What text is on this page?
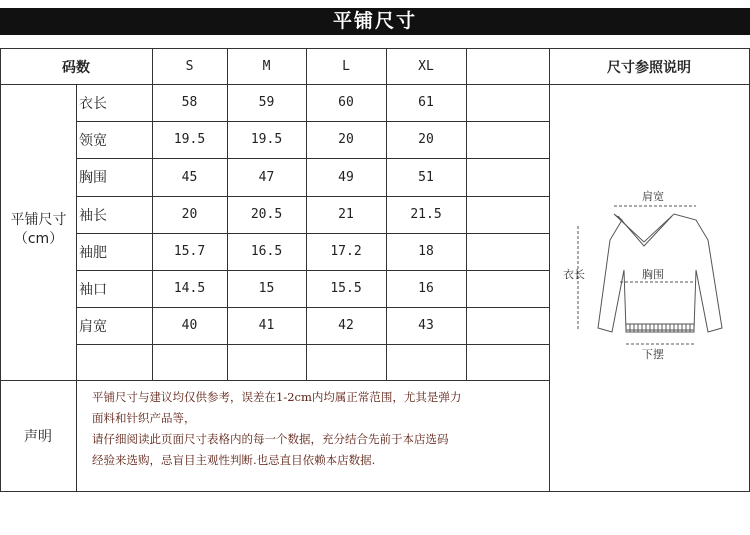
平铺尺寸
码数	S	M	L	XL	尺寸参照说明
平铺尺寸
（cm）
衣长	58	59	60	61
领宽	19.5	19.5	20	20
胸围	45	47	49	51
袖长	20	20.5	21	21.5
袖肥	15.7	16.5	17.2	18
袖口	14.5	15	15.5	16
肩宽	40	41	42	43
声明
平铺尺寸与建议均仅供参考，误差在1-2cm内均属正常范围，尤其是弹力
面料和针织产品等，
请仔细阅读此页面尺寸表格内的每一个数据，充分结合先前于本店选码
经验来选购，忌盲目主观性判断.也忌直目依赖本店数据.
肩宽
衣长	胸围
下摆
